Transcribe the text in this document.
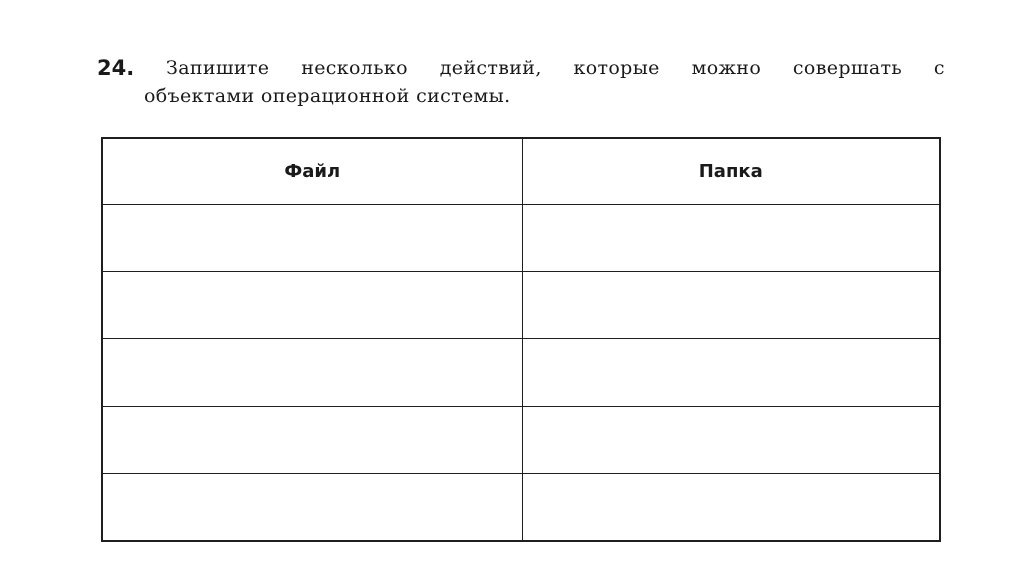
24. Запишите несколько действий, которые можно совершать с
объектами операционной системы.
Файл	Папка
